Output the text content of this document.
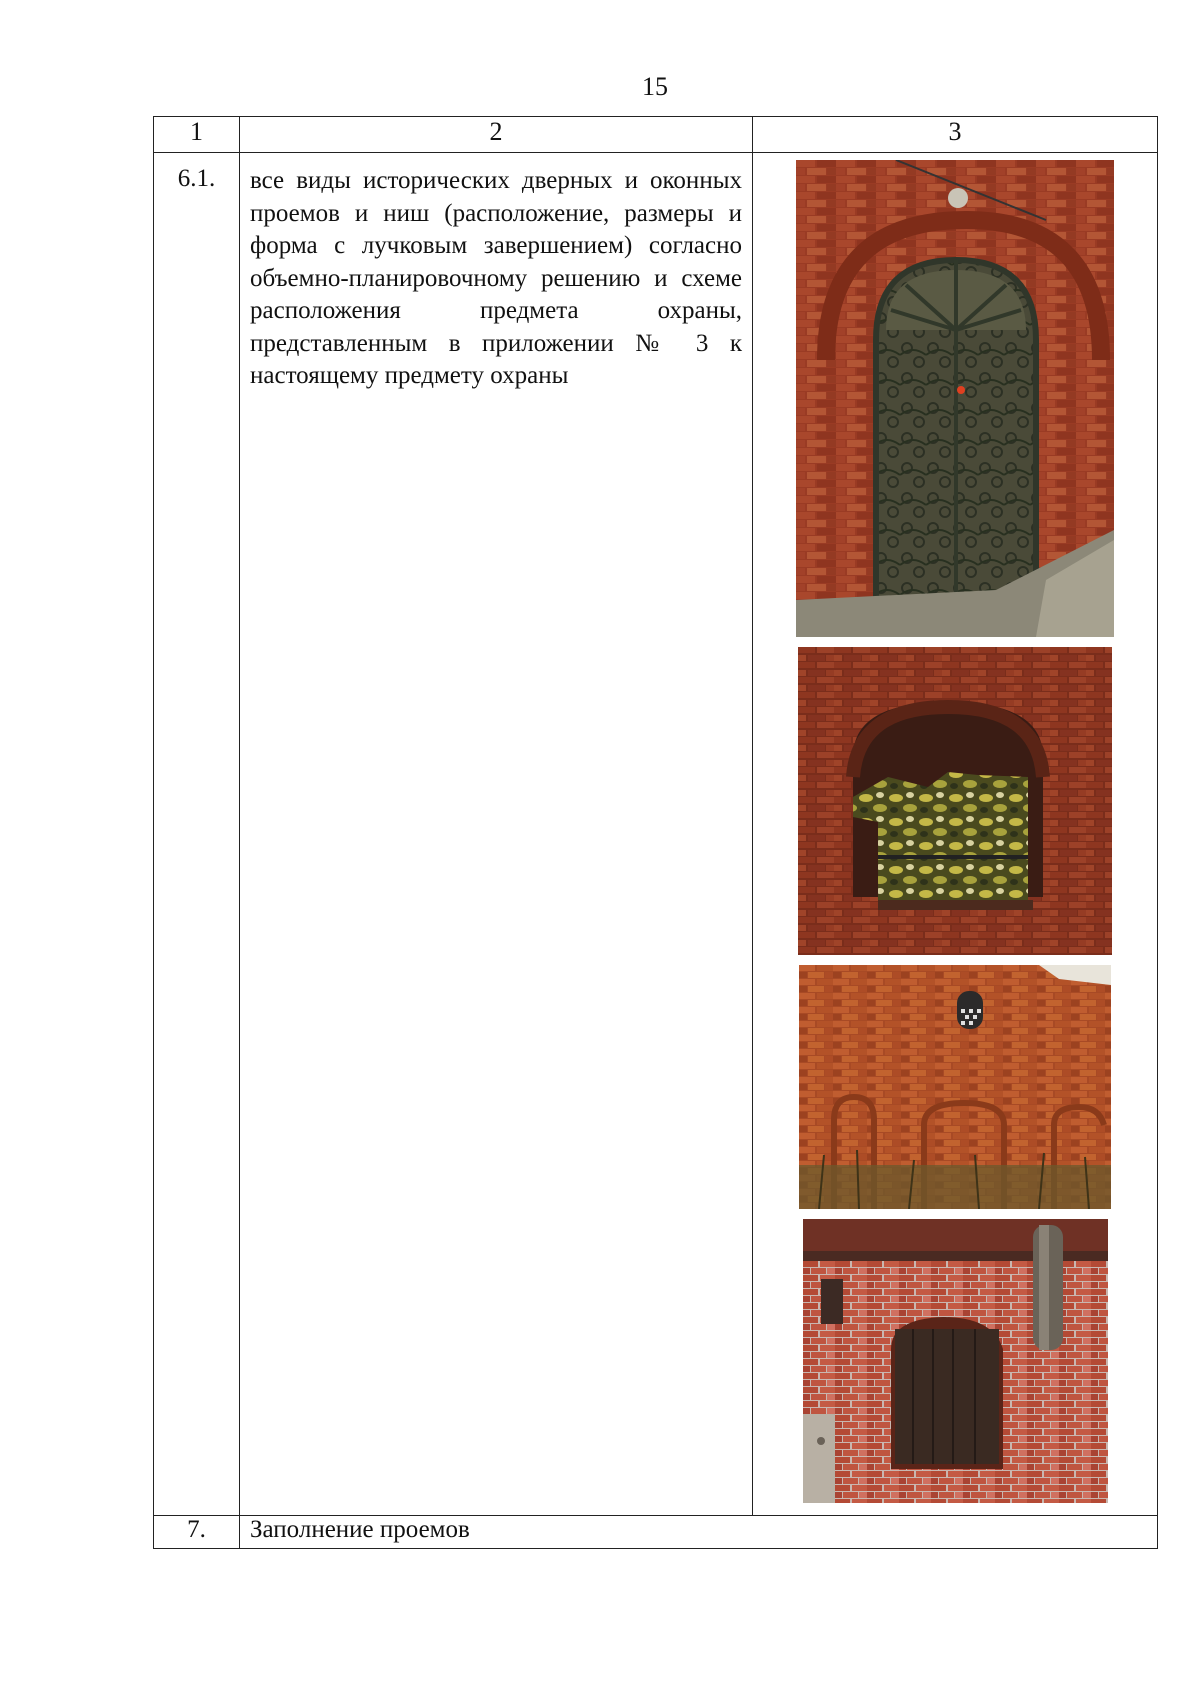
15
1	2	3
6.1.	все виды исторических дверных и оконных проемов и ниш (расположение, размеры и форма с лучковым завершением) согласно объемно-планировочному решению и схеме расположения предмета охраны, представленным в приложении № 3 к настоящему предмету охраны	

7.	Заполнение проемов	
